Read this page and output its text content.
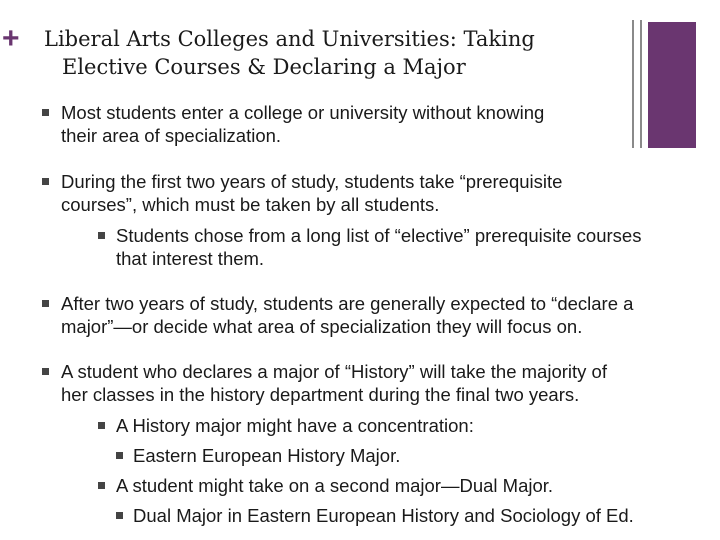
+ Liberal Arts Colleges and Universities: Taking
Elective Courses & Declaring a Major
Most students enter a college or university without knowing
their area of specialization.
During the first two years of study, students take “prerequisite
courses”, which must be taken by all students.
Students chose from a long list of “elective” prerequisite courses
that interest them.
After two years of study, students are generally expected to “declare a
major”—or decide what area of specialization they will focus on.
A student who declares a major of “History” will take the majority of
her classes in the history department during the final two years.
A History major might have a concentration:
Eastern European History Major.
A student might take on a second major—Dual Major.
Dual Major in Eastern European History and Sociology of Ed.
